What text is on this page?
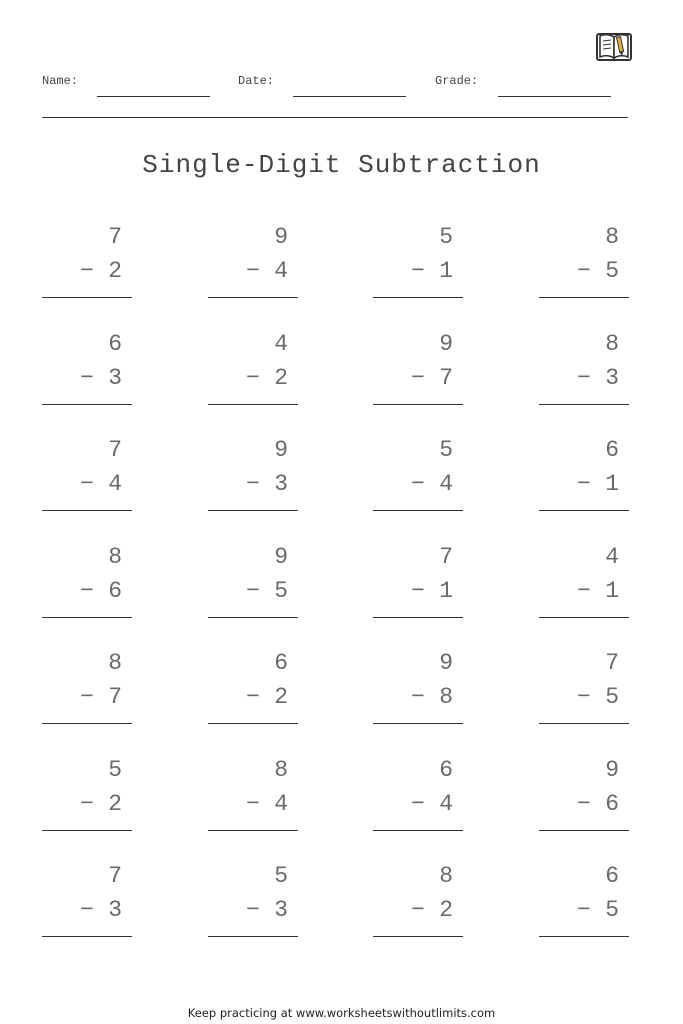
Name:	Date:	Grade:
Single-Digit Subtraction
7
− 2
9
− 4
5
− 1
8
− 5
6
− 3
4
− 2
9
− 7
8
− 3
7
− 4
9
− 3
5
− 4
6
− 1
8
− 6
9
− 5
7
− 1
4
− 1
8
− 7
6
− 2
9
− 8
7
− 5
5
− 2
8
− 4
6
− 4
9
− 6
7
− 3
5
− 3
8
− 2
6
− 5
Keep practicing at www.worksheetswithoutlimits.com
